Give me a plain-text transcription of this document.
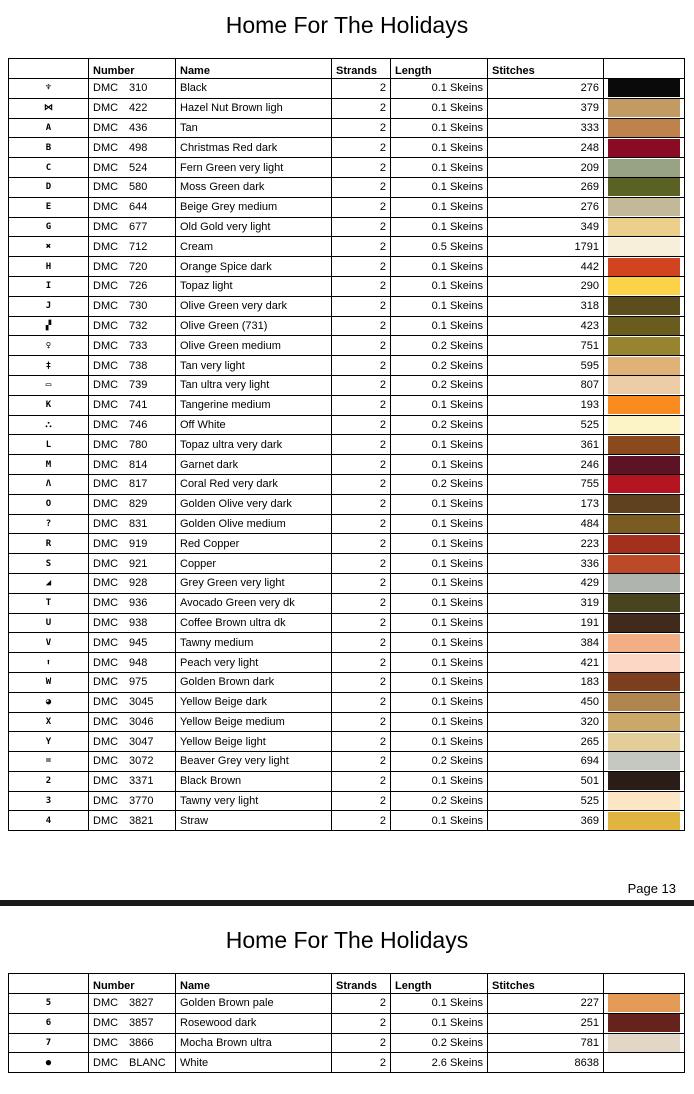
Home For The Holidays
	Number	Name	Strands	Length	Stitches	
♆	DMC 310	Black	2	0.1 Skeins	276	

⋈	DMC 422	Hazel Nut Brown ligh	2	0.1 Skeins	379	

A	DMC 436	Tan	2	0.1 Skeins	333	

B	DMC 498	Christmas Red dark	2	0.1 Skeins	248	

C	DMC 524	Fern Green very light	2	0.1 Skeins	209	

D	DMC 580	Moss Green dark	2	0.1 Skeins	269	

E	DMC 644	Beige Grey medium	2	0.1 Skeins	276	

G	DMC 677	Old Gold very light	2	0.1 Skeins	349	

✖	DMC 712	Cream	2	0.5 Skeins	1791	

H	DMC 720	Orange Spice dark	2	0.1 Skeins	442	

I	DMC 726	Topaz light	2	0.1 Skeins	290	

J	DMC 730	Olive Green very dark	2	0.1 Skeins	318	

▞	DMC 732	Olive Green (731)	2	0.1 Skeins	423	

♀	DMC 733	Olive Green medium	2	0.2 Skeins	751	

‡	DMC 738	Tan very light	2	0.2 Skeins	595	

▭	DMC 739	Tan ultra very light	2	0.2 Skeins	807	

K	DMC 741	Tangerine medium	2	0.1 Skeins	193	

⛬	DMC 746	Off White	2	0.2 Skeins	525	

L	DMC 780	Topaz ultra very dark	2	0.1 Skeins	361	

M	DMC 814	Garnet dark	2	0.1 Skeins	246	

Λ	DMC 817	Coral Red very dark	2	0.2 Skeins	755	

O	DMC 829	Golden Olive very dark	2	0.1 Skeins	173	

?	DMC 831	Golden Olive medium	2	0.1 Skeins	484	

R	DMC 919	Red Copper	2	0.1 Skeins	223	

S	DMC 921	Copper	2	0.1 Skeins	336	

◢	DMC 928	Grey Green very light	2	0.1 Skeins	429	

T	DMC 936	Avocado Green very dk	2	0.1 Skeins	319	

U	DMC 938	Coffee Brown ultra dk	2	0.1 Skeins	191	

V	DMC 945	Tawny medium	2	0.1 Skeins	384	

⬆	DMC 948	Peach very light	2	0.1 Skeins	421	

W	DMC 975	Golden Brown dark	2	0.1 Skeins	183	

◕	DMC 3045	Yellow Beige dark	2	0.1 Skeins	450	

X	DMC 3046	Yellow Beige medium	2	0.1 Skeins	320	

Y	DMC 3047	Yellow Beige light	2	0.1 Skeins	265	

=	DMC 3072	Beaver Grey very light	2	0.2 Skeins	694	

2	DMC 3371	Black Brown	2	0.1 Skeins	501	

3	DMC 3770	Tawny very light	2	0.2 Skeins	525	

4	DMC 3821	Straw	2	0.1 Skeins	369	
Page 13
Home For The Holidays
	Number	Name	Strands	Length	Stitches	
5	DMC 3827	Golden Brown pale	2	0.1 Skeins	227	

6	DMC 3857	Rosewood dark	2	0.1 Skeins	251	

7	DMC 3866	Mocha Brown ultra	2	0.2 Skeins	781	

●	DMC BLANC	White	2	2.6 Skeins	8638	
